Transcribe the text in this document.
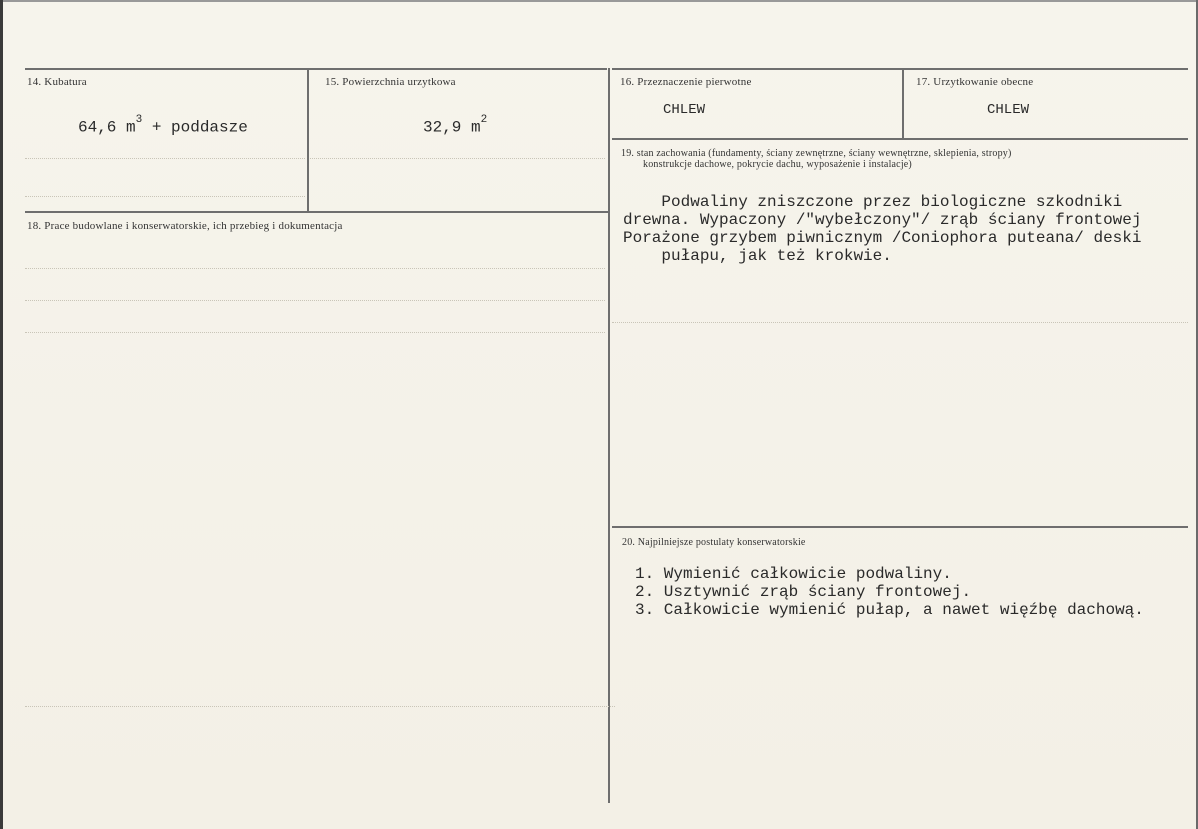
14. Kubatura
64,6 $m^3$ + poddasze
15. Powierzchnia urzytkowa
32,9 $m^2$
16. Przeznaczenie pierwotne
CHLEW
17. Urzytkowanie obecne
CHLEW
18. Prace budowlane i konserwatorskie, ich przebieg i dokumentacja
19. stan zachowania (fundamenty, ściany zewnętrzne, ściany wewnętrzne, sklepienia, stropy)
konstrukcje dachowe, pokrycie dachu, wyposażenie i instalacje)
Podwaliny zniszczone przez biologiczne szkodniki
drewna. Wypaczony /"wybełczony"/ zrąb ściany frontowej
Porażone grzybem piwnicznym /Coniophora puteana/ deski
pułapu, jak też krokwie.
20. Najpilniejsze postulaty konserwatorskie
1. Wymienić całkowicie podwaliny.
2. Usztywnić zrąb ściany frontowej.
3. Całkowicie wymienić pułap, a nawet więźbę dachową.
